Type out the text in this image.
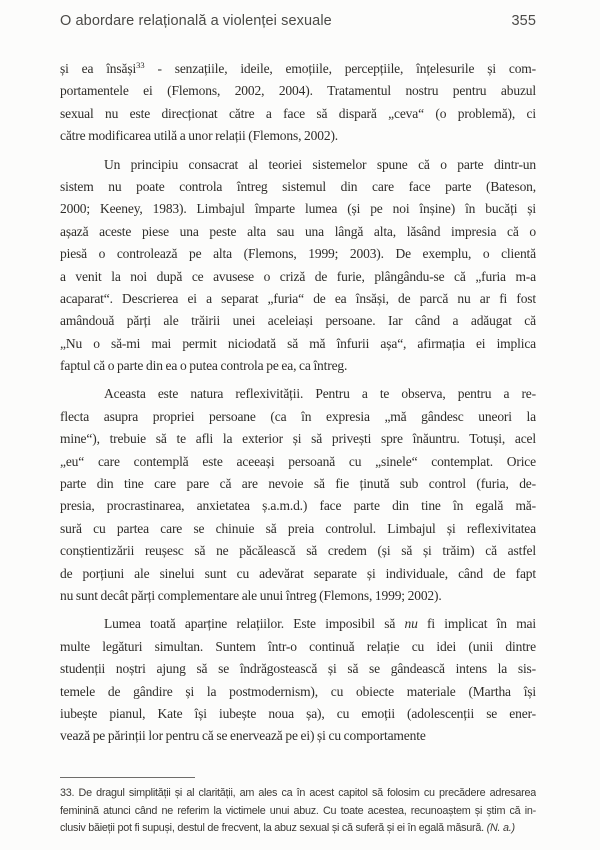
O abordare relațională a violenței sexuale	355
și ea însăși$^{33}$ - senzațiile, ideile, emoțiile, percepțiile, înțelesurile și com-
portamentele ei (Flemons, 2002, 2004). Tratamentul nostru pentru abuzul
sexual nu este direcționat către a face să dispară „ceva“ (o problemă), ci
către modificarea utilă a unor relații (Flemons, 2002).
Un principiu consacrat al teoriei sistemelor spune că o parte dintr-un
sistem nu poate controla întreg sistemul din care face parte (Bateson,
2000; Keeney, 1983). Limbajul împarte lumea (și pe noi înșine) în bucăți și
așază aceste piese una peste alta sau una lângă alta, lăsând impresia că o
piesă o controlează pe alta (Flemons, 1999; 2003). De exemplu, o clientă
a venit la noi după ce avusese o criză de furie, plângându-se că „furia m-a
acaparat“. Descrierea ei a separat „furia“ de ea însăși, de parcă nu ar fi fost
amândouă părți ale trăirii unei aceleiași persoane. Iar când a adăugat că
„Nu o să-mi mai permit niciodată să mă înfurii așa“, afirmația ei implica
faptul că o parte din ea o putea controla pe ea, ca întreg.
Aceasta este natura reflexivității. Pentru a te observa, pentru a re-
flecta asupra propriei persoane (ca în expresia „mă gândesc uneori la
mine“), trebuie să te afli la exterior și să privești spre înăuntru. Totuși, acel
„eu“ care contemplă este aceeași persoană cu „sinele“ contemplat. Orice
parte din tine care pare că are nevoie să fie ținută sub control (furia, de-
presia, procrastinarea, anxietatea ș.a.m.d.) face parte din tine în egală mă-
sură cu partea care se chinuie să preia controlul. Limbajul și reflexivitatea
conștientizării reușesc să ne păcălească să credem (și să și trăim) că astfel
de porțiuni ale sinelui sunt cu adevărat separate și individuale, când de fapt
nu sunt decât părți complementare ale unui întreg (Flemons, 1999; 2002).
Lumea toată aparține relațiilor. Este imposibil să nu fi implicat în mai
multe legături simultan. Suntem într-o continuă relație cu idei (unii dintre
studenții noștri ajung să se îndrăgostească și să se gândească intens la sis-
temele de gândire și la postmodernism), cu obiecte materiale (Martha își
iubește pianul, Kate își iubește noua șa), cu emoții (adolescenții se ener-
vează pe părinții lor pentru că se enervează pe ei) și cu comportamente
33. De dragul simplității și al clarității, am ales ca în acest capitol să folosim cu precădere adresarea
feminină atunci când ne referim la victimele unui abuz. Cu toate acestea, recunoaștem și știm că in-
clusiv băieții pot fi supuși, destul de frecvent, la abuz sexual și că suferă și ei în egală măsură. (N. a.)
